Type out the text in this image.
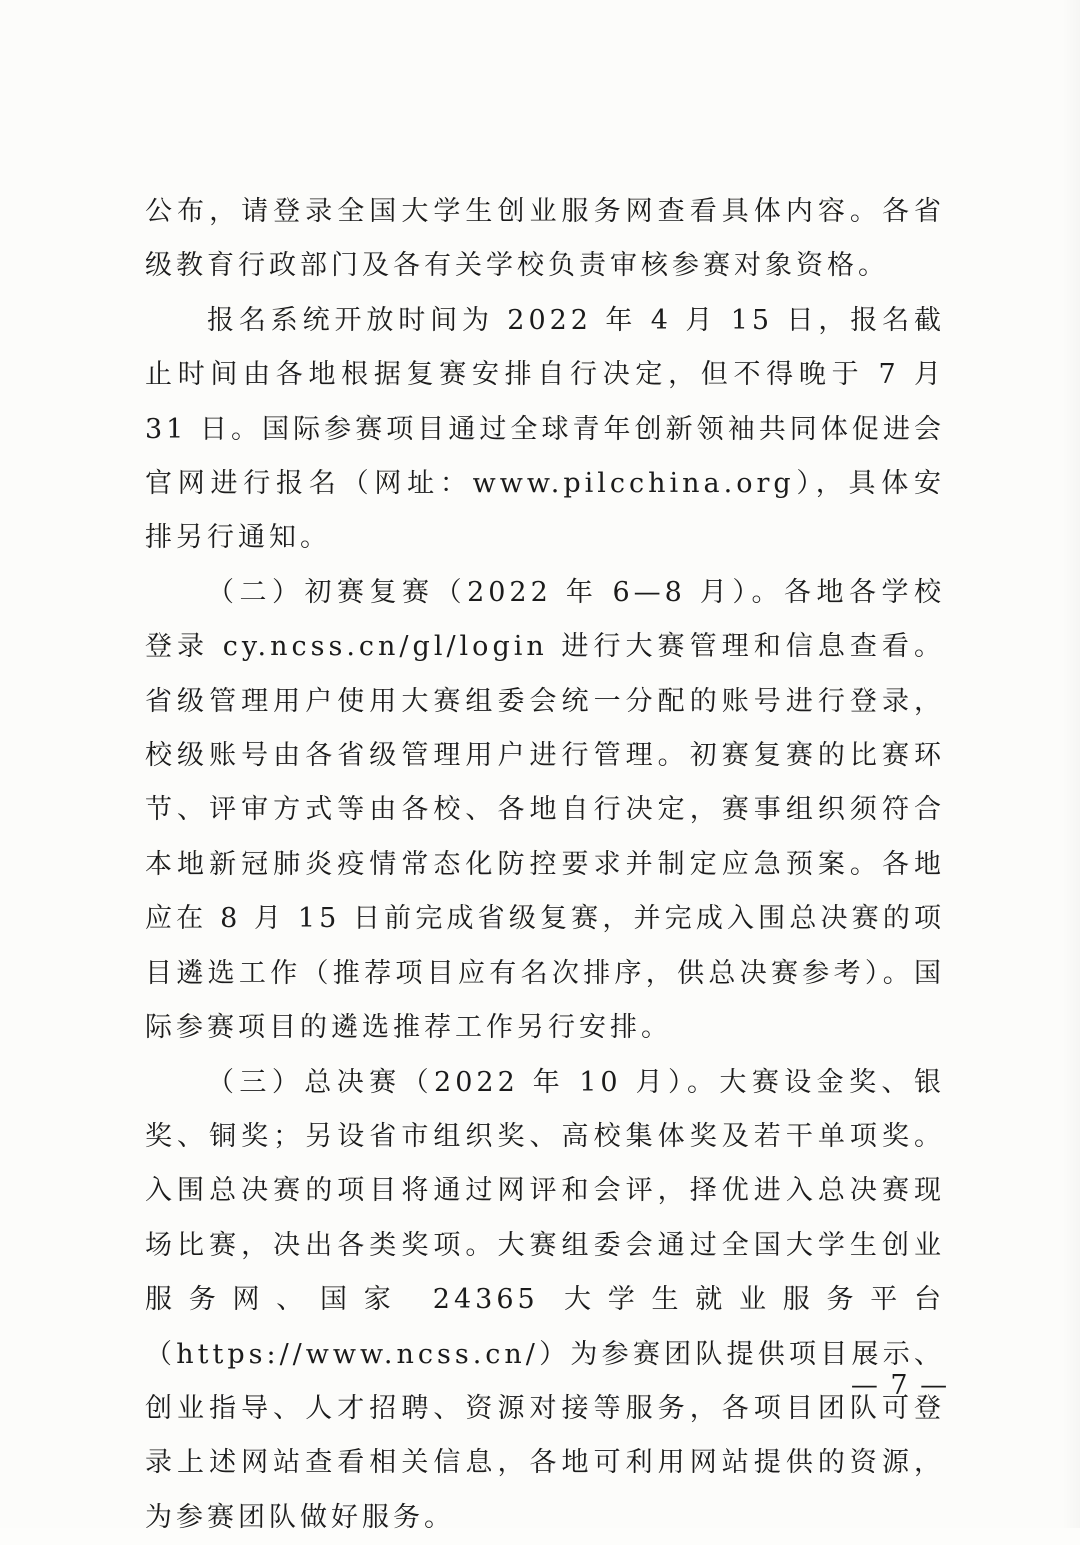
公布，请登录全国大学生创业服务网查看具体内容。各省级教育行政部门及各有关学校负责审核参赛对象资格。

报名系统开放时间为 2022 年 4 月 15 日，报名截止时间由各地根据复赛安排自行决定，但不得晚于 7 月 31 日。国际参赛项目通过全球青年创新领袖共同体促进会官网进行报名（网址：www.pilcchina.org），具体安排另行通知。

（二）初赛复赛（2022 年 6—8 月）。各地各学校登录 cy.ncss.cn/gl/login 进行大赛管理和信息查看。省级管理用户使用大赛组委会统一分配的账号进行登录，校级账号由各省级管理用户进行管理。初赛复赛的比赛环节、评审方式等由各校、各地自行决定，赛事组织须符合本地新冠肺炎疫情常态化防控要求并制定应急预案。各地应在 8 月 15 日前完成省级复赛，并完成入围总决赛的项目遴选工作（推荐项目应有名次排序，供总决赛参考）。国际参赛项目的遴选推荐工作另行安排。

（三）总决赛（2022 年 10 月）。大赛设金奖、银奖、铜奖；另设省市组织奖、高校集体奖及若干单项奖。入围总决赛的项目将通过网评和会评，择优进入总决赛现场比赛，决出各类奖项。大赛组委会通过全国大学生创业服务网、国家 24365 大学生就业服务平台（https://www.ncss.cn/）为参赛团队提供项目展示、创业指导、人才招聘、资源对接等服务，各项目团队可登录上述网站查看相关信息，各地可利用网站提供的资源，为参赛团队做好服务。

— 7 —
